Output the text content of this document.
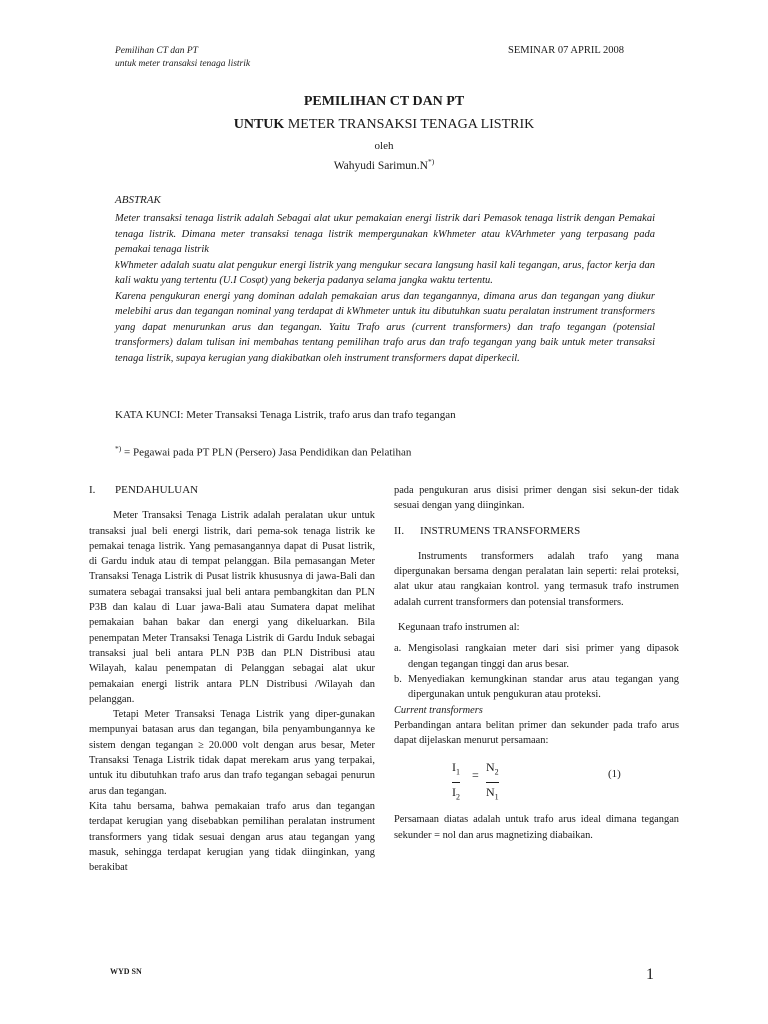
Pemilihan CT dan PT
untuk meter transaksi tenaga listrik
SEMINAR 07 APRIL 2008
PEMILIHAN CT DAN PT
UNTUK METER TRANSAKSI TENAGA LISTRIK
oleh
Wahyudi Sarimun.N*)
ABSTRAK

Meter transaksi tenaga listrik adalah Sebagai alat ukur pemakaian energi listrik dari Pemasok tenaga listrik dengan Pemakai tenaga listrik. Dimana meter transaksi tenaga listrik mempergunakan kWhmeter atau kVArhmeter yang terpasang pada pemakai tenaga listrik

kWhmeter adalah suatu alat pengukur energi listrik yang mengukur secara langsung hasil kali tegangan, arus, factor kerja dan kali waktu yang tertentu (U.I Cosφt) yang bekerja padanya selama jangka waktu tertentu.

Karena pengukuran energi yang dominan adalah pemakaian arus dan tegangannya, dimana arus dan tegangan yang diukur melebihi arus dan tegangan nominal yang terdapat di kWhmeter untuk itu dibutuhkan suatu peralatan instrument transformers yang dapat menurunkan arus dan tegangan. Yaitu Trafo arus (current transformers) dan trafo tegangan (potensial transformers) dalam tulisan ini membahas tentang pemilihan trafo arus dan trafo tegangan yang baik untuk meter transaksi tenaga listrik, supaya kerugian yang diakibatkan oleh instrument transformers dapat diperkecil.

KATA KUNCI: Meter Transaksi Tenaga Listrik, trafo arus dan trafo tegangan
*) = Pegawai pada PT PLN (Persero) Jasa Pendidikan dan Pelatihan
I. PENDAHULUAN

Meter Transaksi Tenaga Listrik adalah peralatan ukur untuk transaksi jual beli energi listrik, dari pema-sok tenaga listrik ke pemakai tenaga listrik. Yang pemasangannya dapat di Pusat listrik, di Gardu induk atau di tempat pelanggan. Bila pemasangan Meter Transaksi Tenaga Listrik di Pusat listrik khususnya di jawa-Bali dan sumatera sebagai transaksi jual beli antara pembangkitan dan PLN P3B dan kalau di Luar jawa-Bali atau Sumatera dapat melihat pemakaian bahan bakar dan energi yang dikeluarkan. Bila penempatan Meter Transaksi Tenaga Listrik di Gardu Induk sebagai transaksi jual beli antara PLN P3B dan PLN Distribusi atau Wilayah, kalau penempatan di Pelanggan sebagai alat ukur pemakaian energi listrik antara PLN Distribusi /Wilayah dan pelanggan.

Tetapi Meter Transaksi Tenaga Listrik yang diper-gunakan mempunyai batasan arus dan tegangan, bila penyambungannya ke sistem dengan tegangan ≥ 20.000 volt dengan arus besar, Meter Transaksi Tenaga Listrik tidak dapat merekam arus yang terpakai, untuk itu dibutuhkan trafo arus dan trafo tegangan sebagai penurun arus dan tegangan.

Kita tahu bersama, bahwa pemakaian trafo arus dan tegangan terdapat kerugian yang disebabkan pemilihan peralatan instrument transformers yang tidak sesuai dengan arus atau tegangan yang masuk, sehingga terdapat kerugian yang tidak diinginkan, yang berakibat

pada pengukuran arus disisi primer dengan sisi sekun-der tidak sesuai dengan yang diinginkan.

II. INSTRUMENS TRANSFORMERS

Instruments transformers adalah trafo yang mana dipergunakan bersama dengan peralatan lain seperti: relai proteksi, alat ukur atau rangkaian kontrol. yang termasuk trafo instrumen adalah current transformers dan potensial transformers.

Kegunaan trafo instrumen al:

a. Mengisolasi rangkaian meter dari sisi primer yang dipasok dengan tegangan tinggi dan arus besar.
b. Menyediakan kemungkinan standar arus atau tegangan yang dipergunakan untuk pengukuran atau proteksi.

Current transformers

Perbandingan antara belitan primer dan sekunder pada trafo arus dapat dijelaskan menurut persamaan:

$I_1$
$I_2$
=
$N_2$
$N_1$
(1)

Persamaan diatas adalah untuk trafo arus ideal dimana tegangan sekunder = nol dan arus magnetizing diabaikan.

WYD SN	1
